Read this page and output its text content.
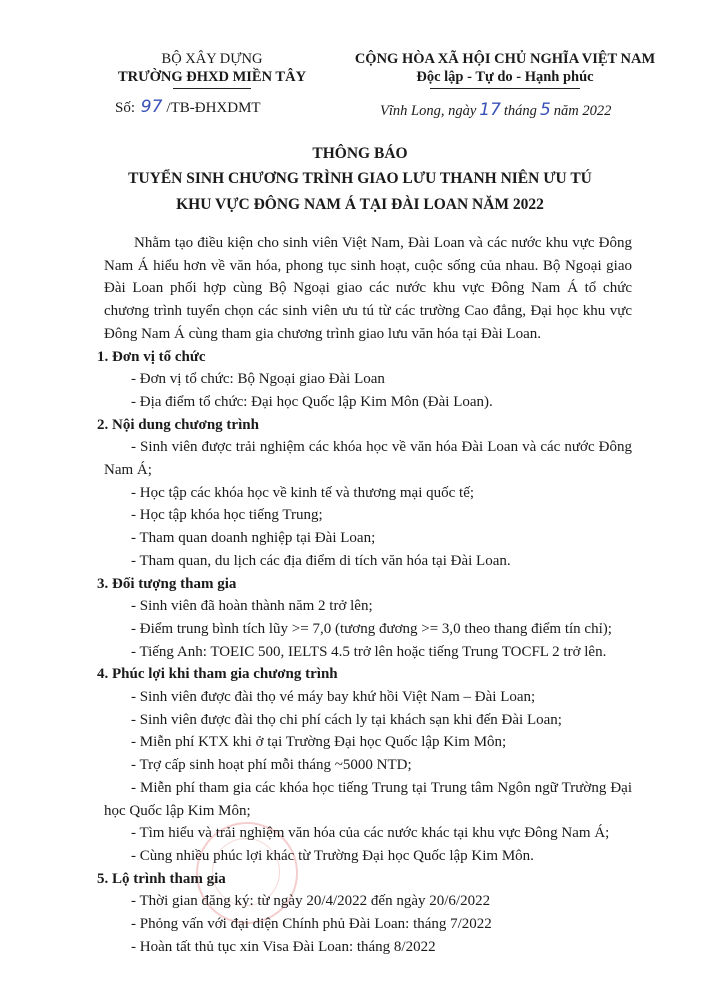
BỘ XÂY DỰNG
TRƯỜNG ĐHXD MIỀN TÂY
Số: 97 /TB-ĐHXDMT
CỘNG HÒA XÃ HỘI CHỦ NGHĨA VIỆT NAM
Độc lập - Tự do - Hạnh phúc
Vĩnh Long, ngày 17 tháng 5 năm 2022
THÔNG BÁO
TUYỂN SINH CHƯƠNG TRÌNH GIAO LƯU THANH NIÊN ƯU TÚ
KHU VỰC ĐÔNG NAM Á TẠI ĐÀI LOAN NĂM 2022

Nhằm tạo điều kiện cho sinh viên Việt Nam, Đài Loan và các nước khu vực Đông Nam Á hiểu hơn về văn hóa, phong tục sinh hoạt, cuộc sống của nhau. Bộ Ngoại giao Đài Loan phối hợp cùng Bộ Ngoại giao các nước khu vực Đông Nam Á tổ chức chương trình tuyển chọn các sinh viên ưu tú từ các trường Cao đẳng, Đại học khu vực Đông Nam Á cùng tham gia chương trình giao lưu văn hóa tại Đài Loan.

1. Đơn vị tổ chức

- Đơn vị tổ chức: Bộ Ngoại giao Đài Loan

- Địa điểm tổ chức: Đại học Quốc lập Kim Môn (Đài Loan).

2. Nội dung chương trình

- Sinh viên được trải nghiệm các khóa học về văn hóa Đài Loan và các nước Đông Nam Á;

- Học tập các khóa học về kinh tế và thương mại quốc tế;

- Học tập khóa học tiếng Trung;

- Tham quan doanh nghiệp tại Đài Loan;

- Tham quan, du lịch các địa điểm di tích văn hóa tại Đài Loan.

3. Đối tượng tham gia

- Sinh viên đã hoàn thành năm 2 trở lên;

- Điểm trung bình tích lũy >= 7,0 (tương đương >= 3,0 theo thang điểm tín chỉ);

- Tiếng Anh: TOEIC 500, IELTS 4.5 trở lên hoặc tiếng Trung TOCFL 2 trở lên.

4. Phúc lợi khi tham gia chương trình

- Sinh viên được đài thọ vé máy bay khứ hồi Việt Nam – Đài Loan;

- Sinh viên được đài thọ chi phí cách ly tại khách sạn khi đến Đài Loan;

- Miễn phí KTX khi ở tại Trường Đại học Quốc lập Kim Môn;

- Trợ cấp sinh hoạt phí mỗi tháng ~5000 NTD;

- Miễn phí tham gia các khóa học tiếng Trung tại Trung tâm Ngôn ngữ Trường Đại học Quốc lập Kim Môn;

- Tìm hiểu và trải nghiệm văn hóa của các nước khác tại khu vực Đông Nam Á;

- Cùng nhiều phúc lợi khác từ Trường Đại học Quốc lập Kim Môn.

5. Lộ trình tham gia

- Thời gian đăng ký: từ ngày 20/4/2022 đến ngày 20/6/2022

- Phỏng vấn với đại diện Chính phủ Đài Loan: tháng 7/2022

- Hoàn tất thủ tục xin Visa Đài Loan: tháng 8/2022
